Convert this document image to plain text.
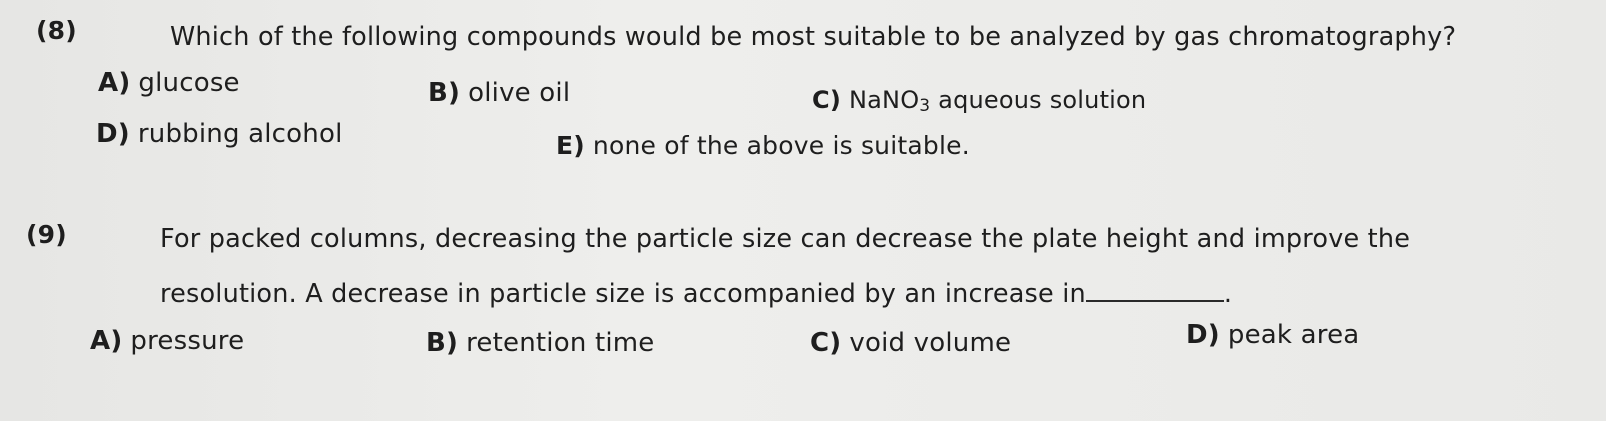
(8)	Which of the following compounds would be most suitable to be analyzed by gas chromatography?
A) glucose	B) olive oil	C) NaNO$_3$ aqueous solution
D) rubbing alcohol	E) none of the above is suitable.
(9)	For packed columns, decreasing the particle size can decrease the plate height and improve the
resolution. A decrease in particle size is accompanied by an increase in	.
A) pressure	B) retention time	C) void volume	D) peak area
